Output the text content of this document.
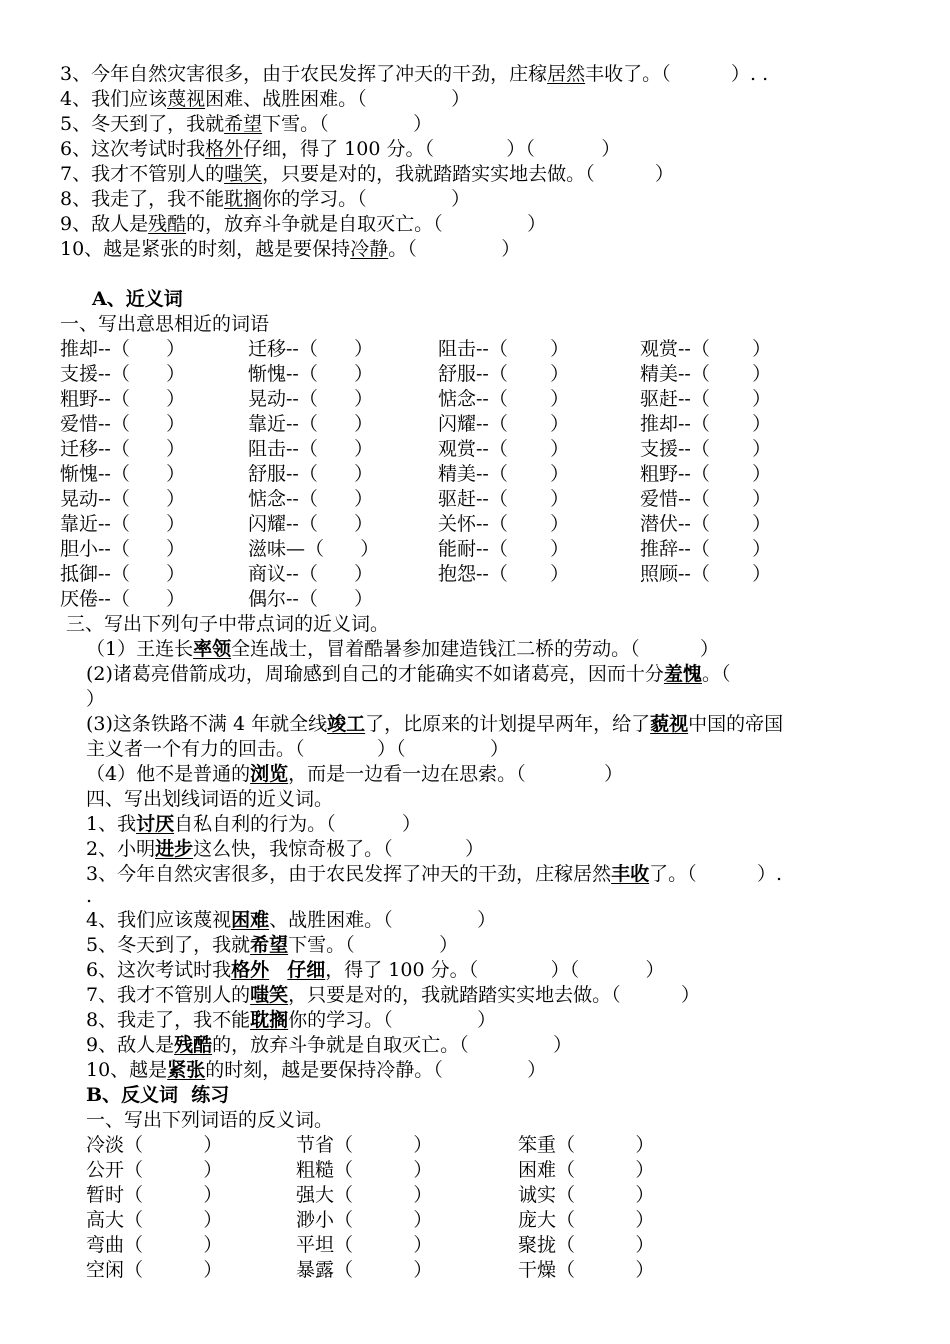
3、今年自然灾害很多，由于农民发挥了冲天的干劲，庄稼居然丰收了。（          ）. .
4、我们应该蔑视困难、战胜困难。（              ）
5、冬天到了，我就希望下雪。（              ）
6、这次考试时我格外仔细，得了 100 分。（            ）（           ）
7、我才不管别人的嗤笑，只要是对的，我就踏踏实实地去做。（          ）
8、我走了，我不能耽搁你的学习。（              ）
9、敌人是残酷的，放弃斗争就是自取灭亡。（              ）
10、越是紧张的时刻，越是要保持冷静。（              ）
A、近义词
一、写出意思相近的词语
推却--（      ）	迁移--（      ）	阻击--（       ）	观赏--（       ）
支援--（      ）	惭愧--（      ）	舒服--（       ）	精美--（       ）
粗野--（      ）	晃动--（      ）	惦念--（       ）	驱赶--（       ）
爱惜--（      ）	靠近--（      ）	闪耀--（       ）	推却--（       ）
迁移--（      ）	阻击--（      ）	观赏--（       ）	支援--（       ）
惭愧--（      ）	舒服--（      ）	精美--（       ）	粗野--（       ）
晃动--（      ）	惦念--（      ）	驱赶--（       ）	爱惜--（       ）
靠近--（      ）	闪耀--（      ）	关怀--（       ）	潜伏--（       ）
胆小--（      ）	滋味—（      ）	能耐--（       ）	推辞--（       ）
抵御--（      ）	商议--（      ）	抱怨--（       ）	照顾--（       ）
厌倦--（      ）	偶尔--（      ）
三、写出下列句子中带点词的近义词。
（1）王连长率领全连战士，冒着酷暑参加建造钱江二桥的劳动。（          ）
(2)诸葛亮借箭成功，周瑜感到自己的才能确实不如诸葛亮，因而十分羞愧。（
）
(3)这条铁路不满 4 年就全线竣工了，比原来的计划提早两年，给了藐视中国的帝国
主义者一个有力的回击。（            ）（              ）
（4）他不是普通的浏览，而是一边看一边在思索。（             ）
四、写出划线词语的近义词。
1、我讨厌自私自利的行为。（           ）
2、小明进步这么快，我惊奇极了。（            ）
3、今年自然灾害很多，由于农民发挥了冲天的干劲，庄稼居然丰收了。（          ）.
.
4、我们应该蔑视困难、战胜困难。（              ）
5、冬天到了，我就希望下雪。（              ）
6、这次考试时我格外 仔细，得了 100 分。（            ）（           ）
7、我才不管别人的嗤笑，只要是对的，我就踏踏实实地去做。（          ）
8、我走了，我不能耽搁你的学习。（              ）
9、敌人是残酷的，放弃斗争就是自取灭亡。（              ）
10、越是紧张的时刻，越是要保持冷静。（              ）
B、反义词  练习
一、写出下列词语的反义词。
冷淡（          ）	节省（          ）	笨重（          ）
公开（          ）	粗糙（          ）	困难（          ）
暂时（          ）	强大（          ）	诚实（          ）
高大（          ）	渺小（          ）	庞大（          ）
弯曲（          ）	平坦（          ）	聚拢（          ）
空闲（          ）	暴露（          ）	干燥（          ）
